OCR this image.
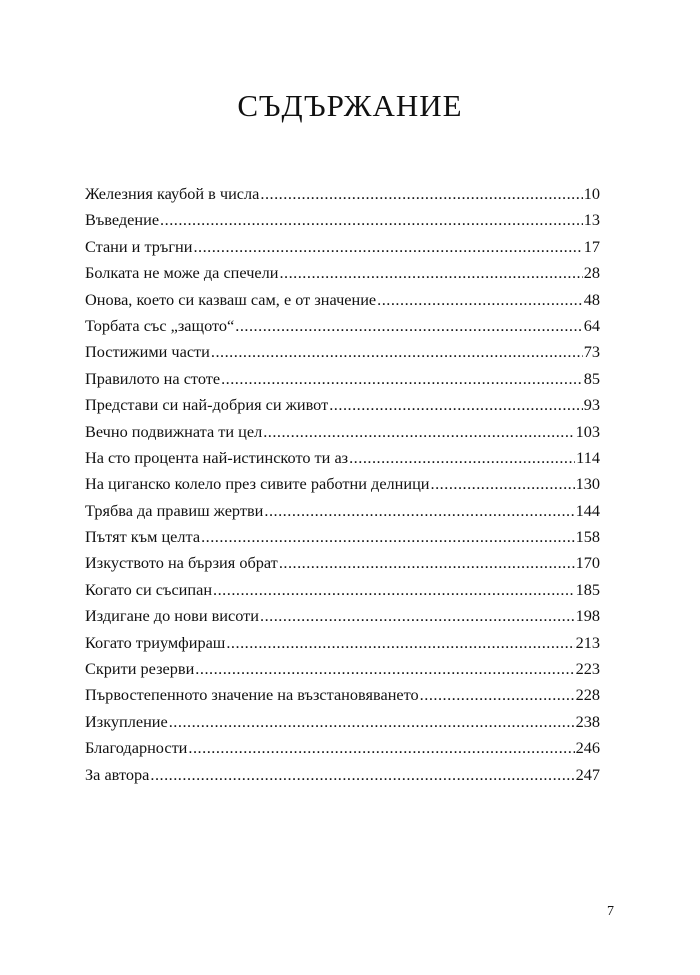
СЪДЪРЖАНИЕ
Железния каубой в числа .....	10
Въведение .....	13
Стани и тръгни .....	17
Болката не може да спечели .....	28
Онова, което си казваш сам, е от значение .....	48
Торбата със „защото“ .....	64
Постижими части .....	73
Правилото на стоте .....	85
Представи си най-добрия си живот .....	93
Вечно подвижната ти цел .....	103
На сто процента най-истинското ти аз .....	114
На циганско колело през сивите работни делници .....	130
Трябва да правиш жертви .....	144
Пътят към целта .....	158
Изкуството на бързия обрат .....	170
Когато си съсипан .....	185
Издигане до нови висоти .....	198
Когато триумфираш .....	213
Скрити резерви .....	223
Първостепенното значение на възстановяването .....	228
Изкупление .....	238
Благодарности .....	246
За автора .....	247
7
